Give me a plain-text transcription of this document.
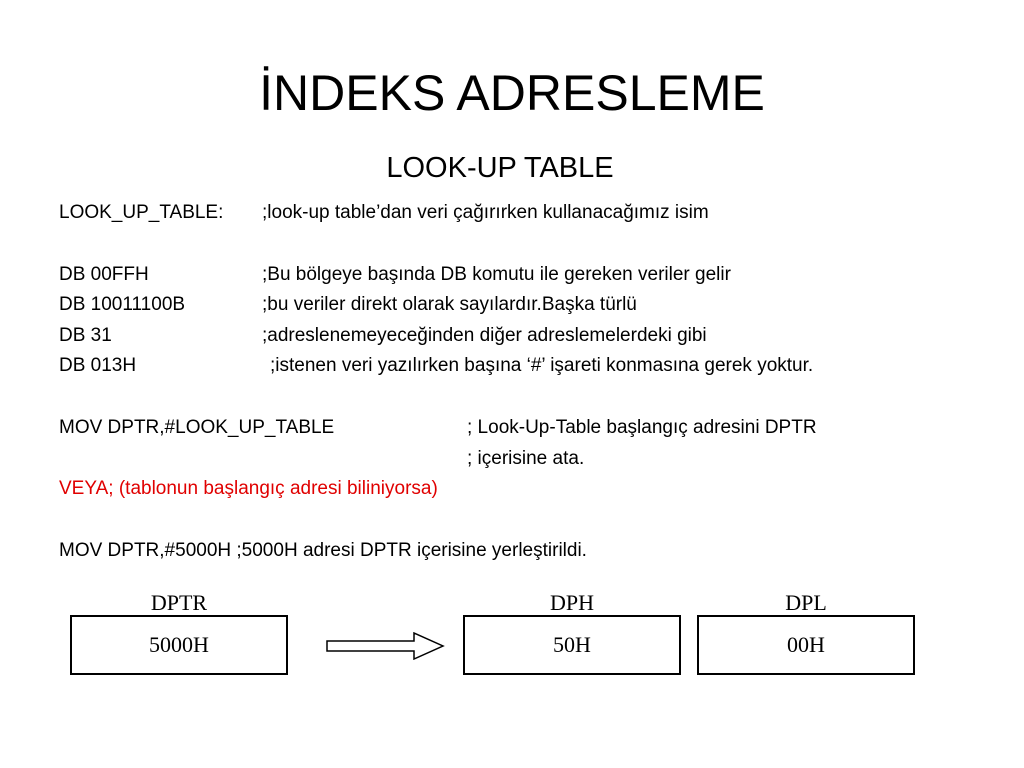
İNDEKS ADRESLEME
LOOK-UP TABLE
LOOK_UP_TABLE: ;look-up table’dan veri çağırırken kullanacağımız isim
DB 00FFH	;Bu bölgeye başında DB komutu ile gereken veriler gelir
DB 10011100B	;bu veriler direkt olarak sayılardır.Başka türlü
DB 31	;adreslenemeyeceğinden diğer adreslemelerdeki gibi
DB 013H	;istenen veri yazılırken başına ‘#’ işareti konmasına gerek yoktur.
MOV DPTR,#LOOK_UP_TABLE	; Look-Up-Table başlangıç adresini DPTR
; içerisine ata.
VEYA; (tablonun başlangıç adresi biliniyorsa)
MOV DPTR,#5000H ;5000H adresi DPTR içerisine yerleştirildi.
DPTR
5000H
DPH
50H
DPL
00H
